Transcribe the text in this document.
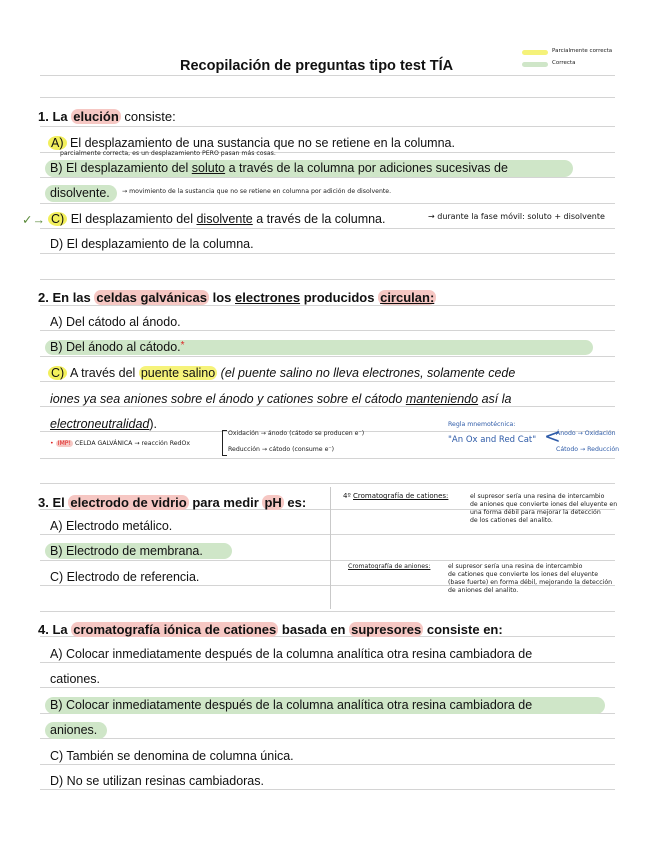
Recopilación de preguntas tipo test TÍA
Parcialmente correcta
Correcta
1. La elución consiste:
A) El desplazamiento de una sustancia que no se retiene en la columna.
parcialmente correcta, es un desplazamiento PERO pasan más cosas.
B) El desplazamiento del soluto a través de la columna por adiciones sucesivas de
disolvente. → movimiento de la sustancia que no se retiene en columna por adición de disolvente.
✓→ C) El desplazamiento del disolvente a través de la columna.	→ durante la fase móvil: soluto + disolvente
D) El desplazamiento de la columna.
2. En las celdas galvánicas los electrones producidos circulan:
A) Del cátodo al ánodo.
B) Del ánodo al cátodo.*
C) A través del puente salino (el puente salino no lleva electrones, solamente cede
iones ya sea aniones sobre el ánodo y cationes sobre el cátodo manteniendo así la
electroneutralidad).
• IMP! CELDA GALVÁNICA → reacción RedOx
Oxidación → ánodo (cátodo se producen e⁻)
Reducción → cátodo (consume e⁻)
Regla mnemotécnica:
"An Ox and Red Cat" <
Ánodo → Oxidación
Cátodo → Reducción
3. El electrodo de vidrio para medir pH es:
A) Electrodo metálico.
B) Electrodo de membrana.
C) Electrodo de referencia.
4º Cromatografía de cationes:	el supresor sería una resina de intercambio
de aniones que convierte iones del eluyente en
una forma débil para mejorar la detección
de los cationes del analito.
Cromatografía de aniones:	el supresor sería una resina de intercambio
de cationes que convierte los iones del eluyente
(base fuerte) en forma débil, mejorando la detección
de aniones del analito.
4. La cromatografía iónica de cationes basada en supresores consiste en:
A) Colocar inmediatamente después de la columna analítica otra resina cambiadora de
cationes.
B) Colocar inmediatamente después de la columna analítica otra resina cambiadora de
aniones.
C) También se denomina de columna única.
D) No se utilizan resinas cambiadoras.
